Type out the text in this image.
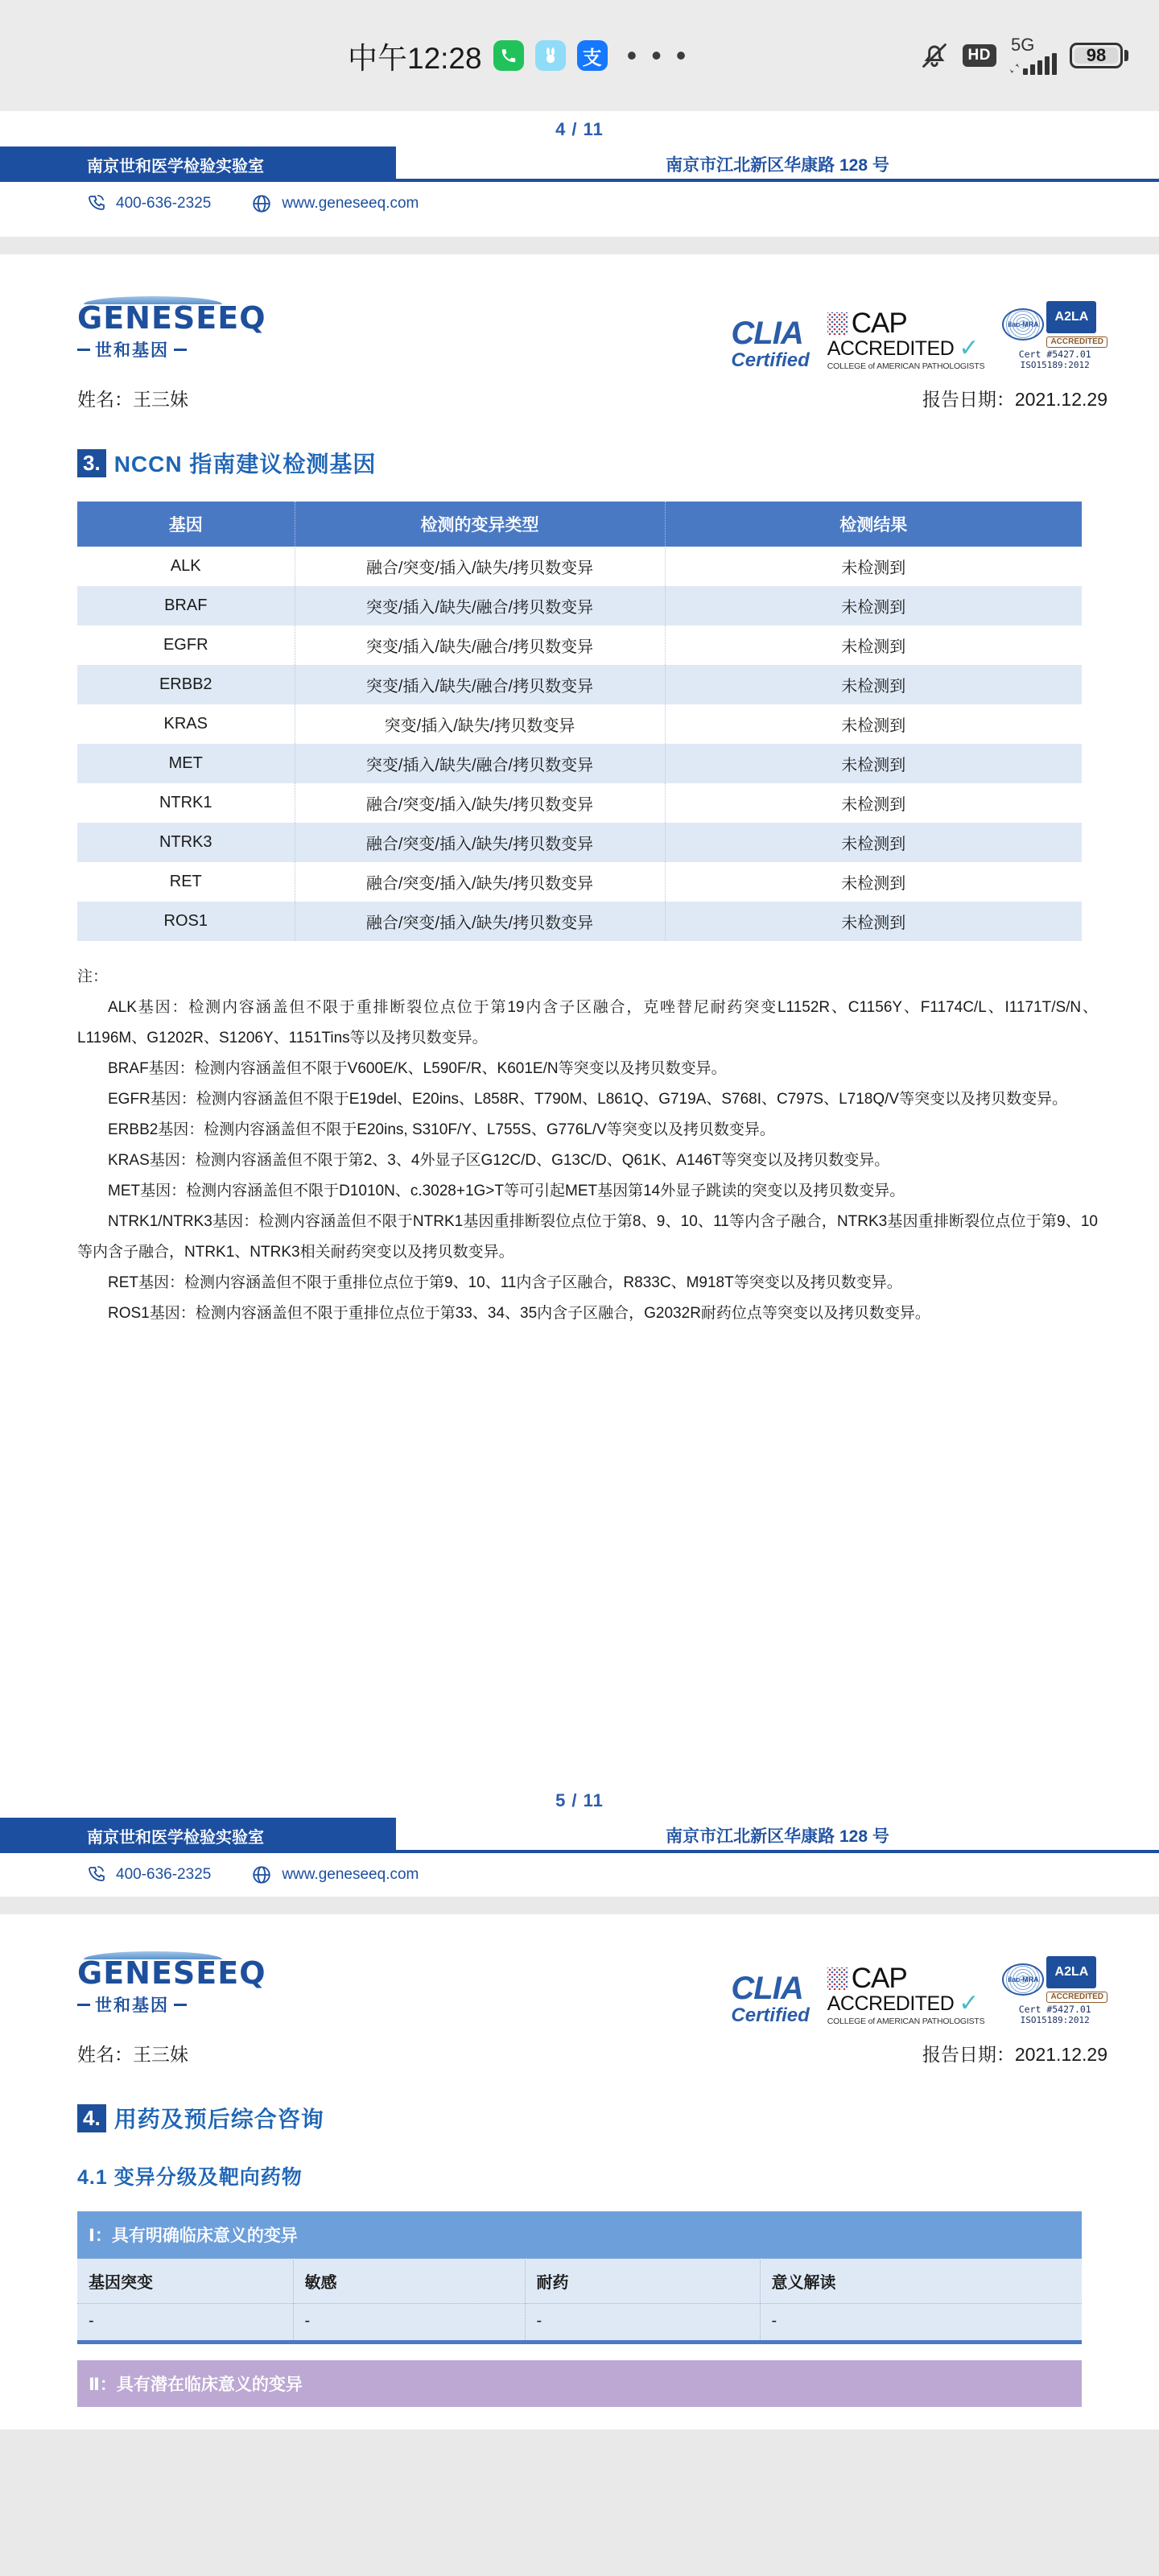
中午12:28	支 • • •	HD
5G
98
4 / 11
南京世和医学检验实验室	南京市江北新区华康路 128 号
400-636-2325	www.geneseeq.com
GENESEEQ
世和基因	CLIA
Certified
CAP
ACCREDITED ✓
COLLEGE of AMERICAN PATHOLOGISTS
ilac-MRA
A2LA
ACCREDITED
Cert #5427.01
ISO15189:2012
姓名：王三妹	报告日期：2021.12.29
3. NCCN 指南建议检测基因
基因	检测的变异类型	检测结果
ALK	融合/突变/插入/缺失/拷贝数变异	未检测到
BRAF	突变/插入/缺失/融合/拷贝数变异	未检测到
EGFR	突变/插入/缺失/融合/拷贝数变异	未检测到
ERBB2	突变/插入/缺失/融合/拷贝数变异	未检测到
KRAS	突变/插入/缺失/拷贝数变异	未检测到
MET	突变/插入/缺失/融合/拷贝数变异	未检测到
NTRK1	融合/突变/插入/缺失/拷贝数变异	未检测到
NTRK3	融合/突变/插入/缺失/拷贝数变异	未检测到
RET	融合/突变/插入/缺失/拷贝数变异	未检测到
ROS1	融合/突变/插入/缺失/拷贝数变异	未检测到
注：

ALK基因：检测内容涵盖但不限于重排断裂位点位于第19内含子区融合，克唑替尼耐药突变L1152R、C1156Y、F1174C/L、I1171T/S/N、L1196M、G1202R、S1206Y、1151Tins等以及拷贝数变异。

BRAF基因：检测内容涵盖但不限于V600E/K、L590F/R、K601E/N等突变以及拷贝数变异。

EGFR基因：检测内容涵盖但不限于E19del、E20ins、L858R、T790M、L861Q、G719A、S768I、C797S、L718Q/V等突变以及拷贝数变异。

ERBB2基因：检测内容涵盖但不限于E20ins, S310F/Y、L755S、G776L/V等突变以及拷贝数变异。

KRAS基因：检测内容涵盖但不限于第2、3、4外显子区G12C/D、G13C/D、Q61K、A146T等突变以及拷贝数变异。

MET基因：检测内容涵盖但不限于D1010N、c.3028+1G>T等可引起MET基因第14外显子跳读的突变以及拷贝数变异。

NTRK1/NTRK3基因：检测内容涵盖但不限于NTRK1基因重排断裂位点位于第8、9、10、11等内含子融合，NTRK3基因重排断裂位点位于第9、10等内含子融合，NTRK1、NTRK3相关耐药突变以及拷贝数变异。

RET基因：检测内容涵盖但不限于重排位点位于第9、10、11内含子区融合，R833C、M918T等突变以及拷贝数变异。

ROS1基因：检测内容涵盖但不限于重排位点位于第33、34、35内含子区融合，G2032R耐药位点等突变以及拷贝数变异。

5 / 11
南京世和医学检验实验室	南京市江北新区华康路 128 号
400-636-2325	www.geneseeq.com
GENESEEQ
世和基因	CLIA
Certified
CAP
ACCREDITED ✓
COLLEGE of AMERICAN PATHOLOGISTS
ilac-MRA
A2LA
ACCREDITED
Cert #5427.01
ISO15189:2012
姓名：王三妹	报告日期：2021.12.29
4. 用药及预后综合咨询
4.1 变异分级及靶向药物
Ⅰ：具有明确临床意义的变异			
基因突变	敏感	耐药	意义解读
-	-	-	-

Ⅱ：具有潜在临床意义的变异			
